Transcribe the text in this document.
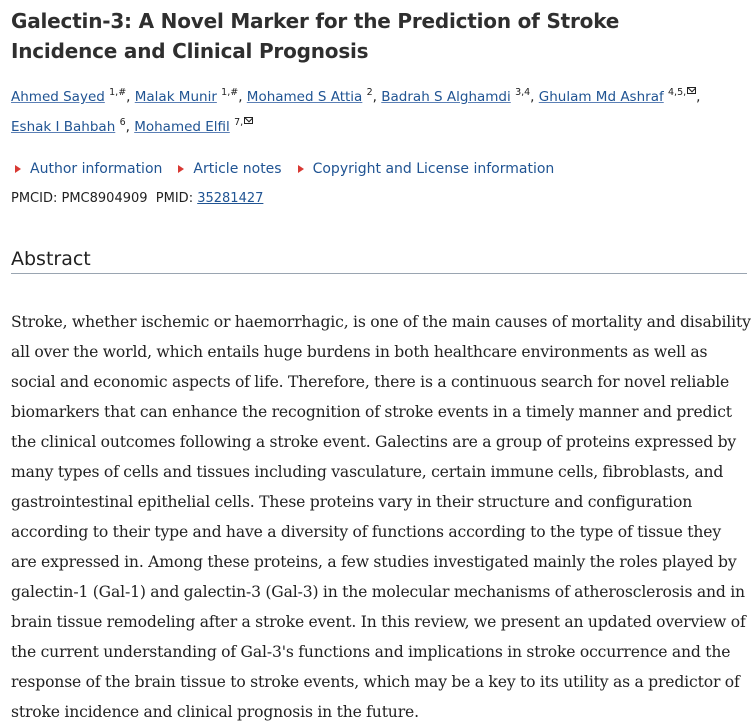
Galectin-3: A Novel Marker for the Prediction of Stroke Incidence and Clinical Prognosis
Ahmed Sayed $^{1,\#}$, Malak Munir $^{1,\#}$, Mohamed S Attia $^2$, Badrah S Alghamdi $^{3,4}$, Ghulam Md Ashraf $^{4,5,}$ , Eshak I Bahbah $^6$, Mohamed Elfil $^{7,}$
Author information Article notes Copyright and License information
PMCID: PMC8904909 PMID: 35281427
Abstract

Stroke, whether ischemic or haemorrhagic, is one of the main causes of mortality and disability all over the world, which entails huge burdens in both healthcare environments as well as social and economic aspects of life. Therefore, there is a continuous search for novel reliable biomarkers that can enhance the recognition of stroke events in a timely manner and predict the clinical outcomes following a stroke event. Galectins are a group of proteins expressed by many types of cells and tissues including vasculature, certain immune cells, fibroblasts, and gastrointestinal epithelial cells. These proteins vary in their structure and configuration according to their type and have a diversity of functions according to the type of tissue they are expressed in. Among these proteins, a few studies investigated mainly the roles played by galectin-1 (Gal-1) and galectin-3 (Gal-3) in the molecular mechanisms of atherosclerosis and in brain tissue remodeling after a stroke event. In this review, we present an updated overview of the current understanding of Gal-3's functions and implications in stroke occurrence and the response of the brain tissue to stroke events, which may be a key to its utility as a predictor of stroke incidence and clinical prognosis in the future.
